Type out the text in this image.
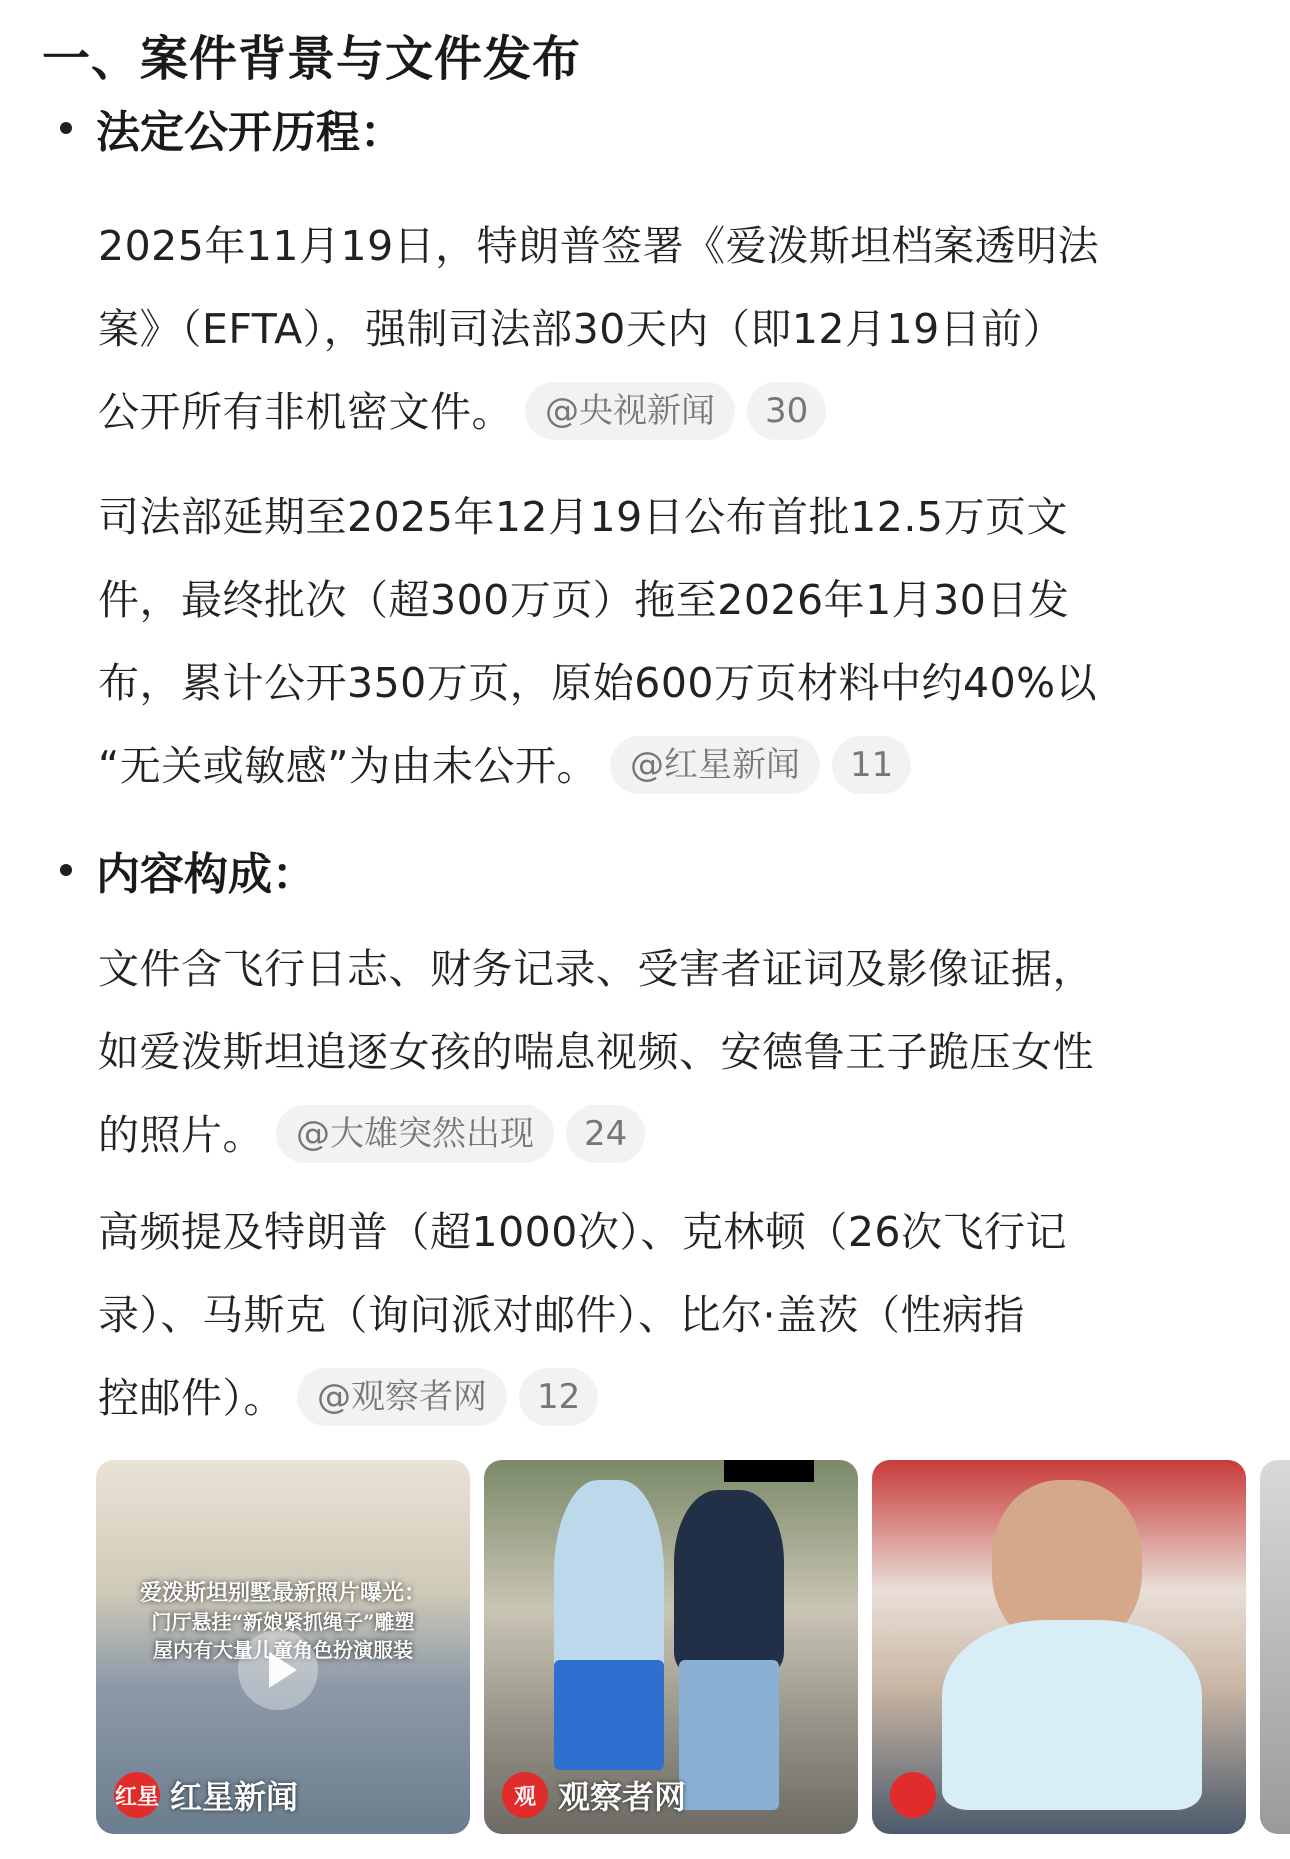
一、案件背景与文件发布
法定公开历程：
2025年11月19日，特朗普签署《爱泼斯坦档案透明法
案》（EFTA），强制司法部30天内（即12月19日前）
公开所有非机密文件。 @央视新闻 30
司法部延期至2025年12月19日公布首批12.5万页文
件，最终批次（超300万页）拖至2026年1月30日发
布，累计公开350万页，原始600万页材料中约40%以
“无关或敏感”为由未公开。 @红星新闻 11
内容构成：
文件含飞行日志、财务记录、受害者证词及影像证据，
如爱泼斯坦追逐女孩的喘息视频、安德鲁王子跪压女性
的照片。 @大雄突然出现 24
高频提及特朗普（超1000次）、克林顿（26次飞行记
录）、马斯克（询问派对邮件）、比尔·盖茨（性病指
控邮件）。 @观察者网 12
爱泼斯坦别墅最新照片曝光：
门厅悬挂“新娘紧抓绳子”雕塑
屋内有大量儿童角色扮演服装
红星 红星新闻	观 观察者网
